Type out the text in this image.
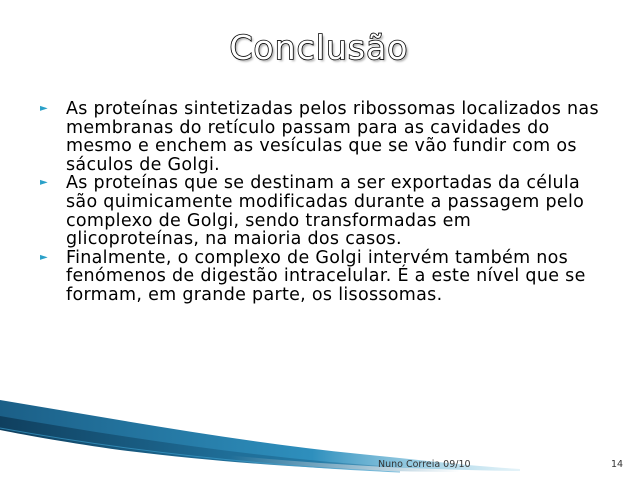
Conclusão
►	As proteínas sintetizadas pelos ribossomas localizados nas membranas do retículo passam para as cavidades do mesmo e enchem as vesículas que se vão fundir com os sáculos de Golgi.
►	As proteínas que se destinam a ser exportadas da célula são quimicamente modificadas durante a passagem pelo complexo de Golgi, sendo transformadas em glicoproteínas, na maioria dos casos.
►	Finalmente, o complexo de Golgi intervém também nos fenómenos de digestão intracelular. É a este nível que se formam, em grande parte, os lisossomas.
Nuno Correia 09/10	14
